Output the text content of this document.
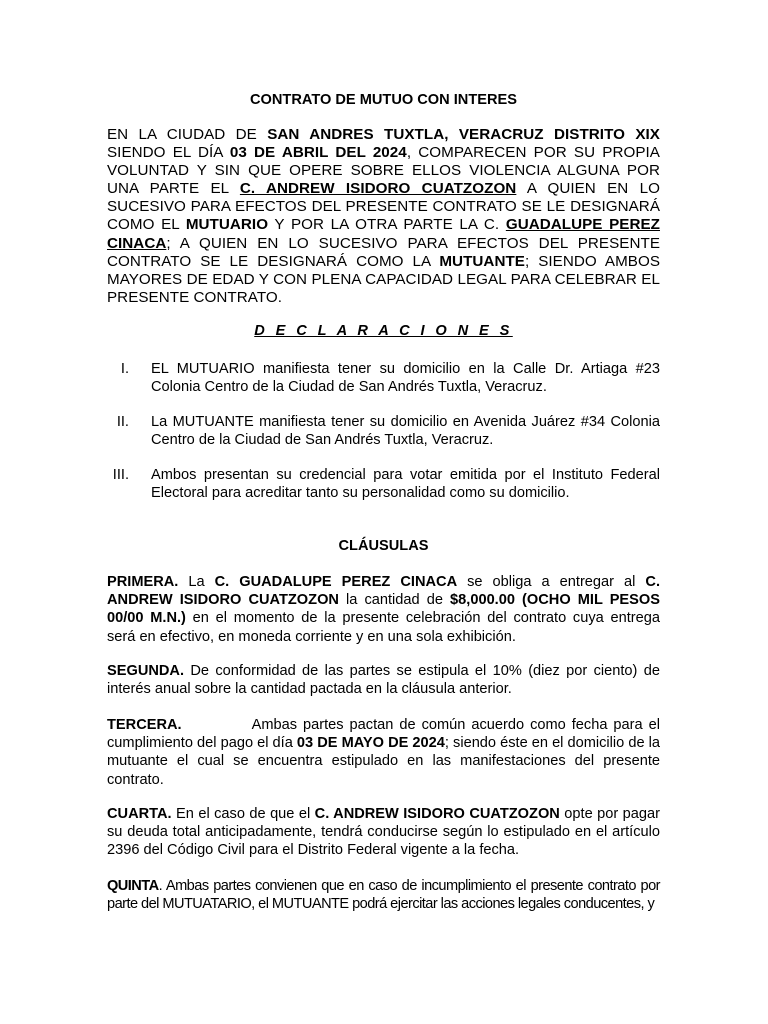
CONTRATO DE MUTUO CON INTERES

EN LA CIUDAD DE SAN ANDRES TUXTLA, VERACRUZ DISTRITO XIX SIENDO EL DÍA 03 DE ABRIL DEL 2024, COMPARECEN POR SU PROPIA VOLUNTAD Y SIN QUE OPERE SOBRE ELLOS VIOLENCIA ALGUNA POR UNA PARTE EL C. ANDREW ISIDORO CUATZOZON A QUIEN EN LO SUCESIVO PARA EFECTOS DEL PRESENTE CONTRATO SE LE DESIGNARÁ COMO EL MUTUARIO Y POR LA OTRA PARTE LA C. GUADALUPE PEREZ CINACA; A QUIEN EN LO SUCESIVO PARA EFECTOS DEL PRESENTE CONTRATO SE LE DESIGNARÁ COMO LA MUTUANTE; SIENDO AMBOS MAYORES DE EDAD Y CON PLENA CAPACIDAD LEGAL PARA CELEBRAR EL PRESENTE CONTRATO.

D E C L A R A C I O N E S
I. EL MUTUARIO manifiesta tener su domicilio en la Calle Dr. Artiaga #23 Colonia Centro de la Ciudad de San Andrés Tuxtla, Veracruz.
II. La MUTUANTE manifiesta tener su domicilio en Avenida Juárez #34 Colonia Centro de la Ciudad de San Andrés Tuxtla, Veracruz.
III. Ambos presentan su credencial para votar emitida por el Instituto Federal Electoral para acreditar tanto su personalidad como su domicilio.
CLÁUSULAS

PRIMERA. La C. GUADALUPE PEREZ CINACA se obliga a entregar al C. ANDREW ISIDORO CUATZOZON la cantidad de $8,000.00 (OCHO MIL PESOS 00/00 M.N.) en el momento de la presente celebración del contrato cuya entrega será en efectivo, en moneda corriente y en una sola exhibición.

SEGUNDA. De conformidad de las partes se estipula el 10% (diez por ciento) de interés anual sobre la cantidad pactada en la cláusula anterior.

TERCERA.	Ambas partes pactan de común acuerdo como fecha para el cumplimiento del pago el día 03 DE MAYO DE 2024; siendo éste en el domicilio de la mutuante el cual se encuentra estipulado en las manifestaciones del presente contrato.

CUARTA. En el caso de que el C. ANDREW ISIDORO CUATZOZON opte por pagar su deuda total anticipadamente, tendrá conducirse según lo estipulado en el artículo 2396 del Código Civil para el Distrito Federal vigente a la fecha.

QUINTA. Ambas partes convienen que en caso de incumplimiento el presente contrato por parte del MUTUATARIO, el MUTUANTE podrá ejercitar las acciones legales conducentes, y
